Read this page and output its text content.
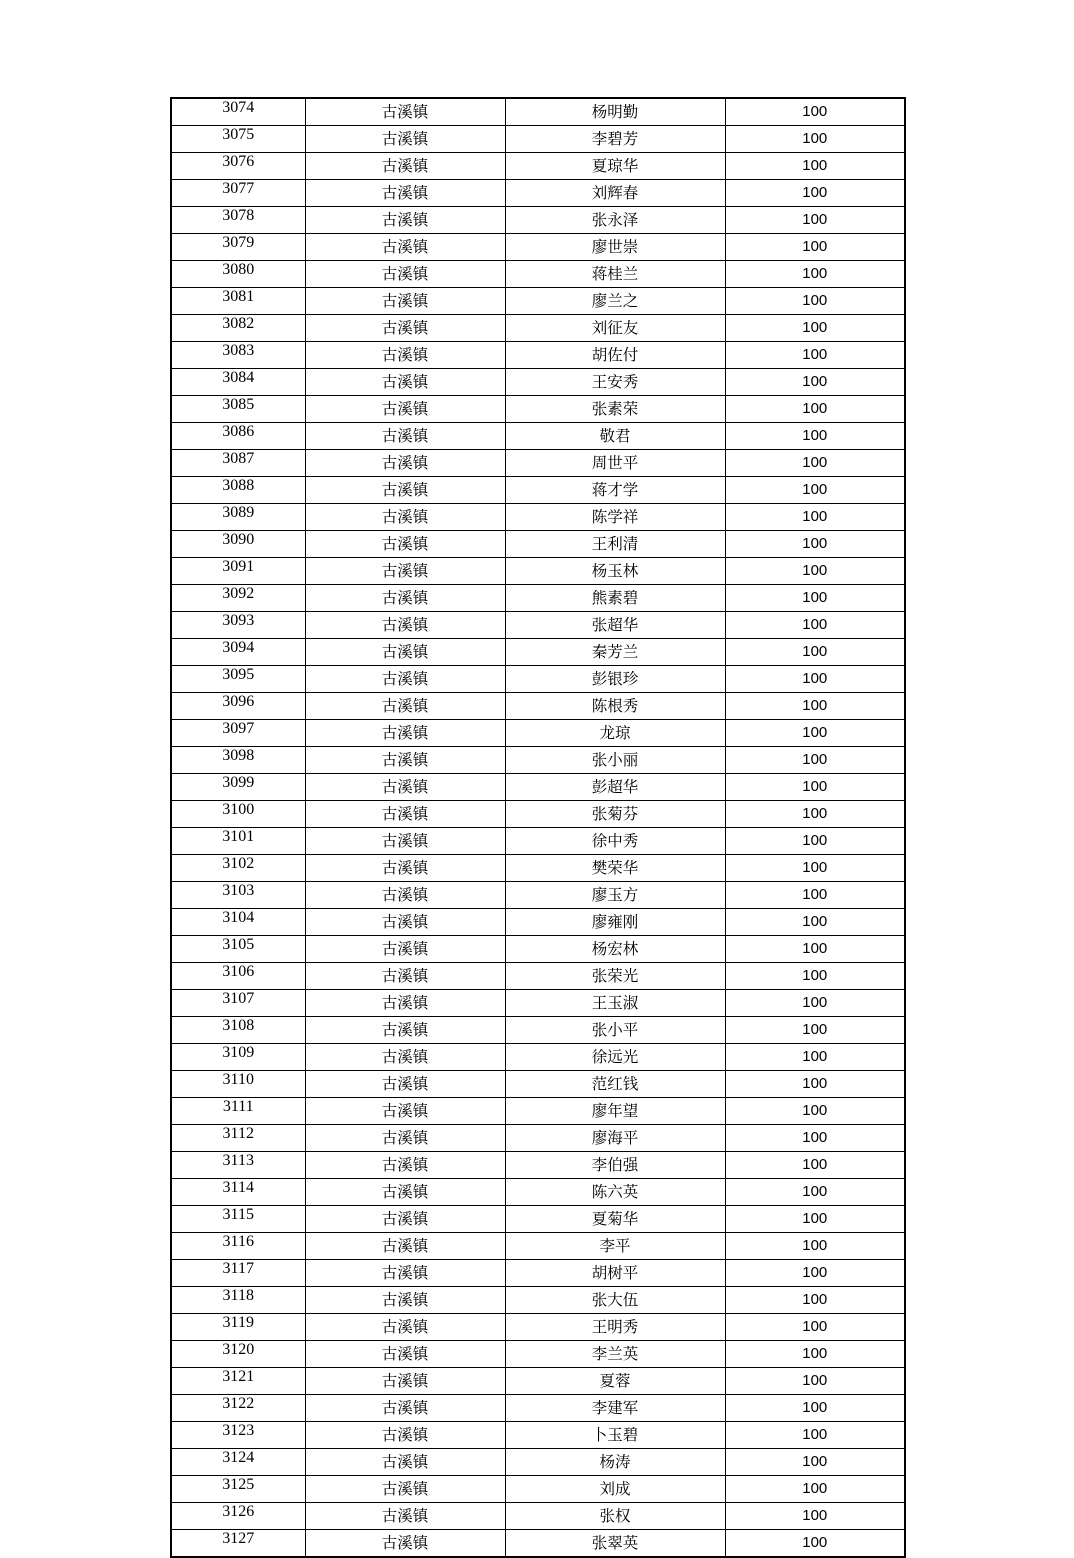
3074	古溪镇	杨明勤	100
3075	古溪镇	李碧芳	100
3076	古溪镇	夏琼华	100
3077	古溪镇	刘辉春	100
3078	古溪镇	张永泽	100
3079	古溪镇	廖世崇	100
3080	古溪镇	蒋桂兰	100
3081	古溪镇	廖兰之	100
3082	古溪镇	刘征友	100
3083	古溪镇	胡佐付	100
3084	古溪镇	王安秀	100
3085	古溪镇	张素荣	100
3086	古溪镇	敬君	100
3087	古溪镇	周世平	100
3088	古溪镇	蒋才学	100
3089	古溪镇	陈学祥	100
3090	古溪镇	王利清	100
3091	古溪镇	杨玉林	100
3092	古溪镇	熊素碧	100
3093	古溪镇	张超华	100
3094	古溪镇	秦芳兰	100
3095	古溪镇	彭银珍	100
3096	古溪镇	陈根秀	100
3097	古溪镇	龙琼	100
3098	古溪镇	张小丽	100
3099	古溪镇	彭超华	100
3100	古溪镇	张菊芬	100
3101	古溪镇	徐中秀	100
3102	古溪镇	樊荣华	100
3103	古溪镇	廖玉方	100
3104	古溪镇	廖雍刚	100
3105	古溪镇	杨宏林	100
3106	古溪镇	张荣光	100
3107	古溪镇	王玉淑	100
3108	古溪镇	张小平	100
3109	古溪镇	徐远光	100
3110	古溪镇	范红钱	100
3111	古溪镇	廖年望	100
3112	古溪镇	廖海平	100
3113	古溪镇	李伯强	100
3114	古溪镇	陈六英	100
3115	古溪镇	夏菊华	100
3116	古溪镇	李平	100
3117	古溪镇	胡树平	100
3118	古溪镇	张大伍	100
3119	古溪镇	王明秀	100
3120	古溪镇	李兰英	100
3121	古溪镇	夏蓉	100
3122	古溪镇	李建军	100
3123	古溪镇	卜玉碧	100
3124	古溪镇	杨涛	100
3125	古溪镇	刘成	100
3126	古溪镇	张权	100
3127	古溪镇	张翠英	100
